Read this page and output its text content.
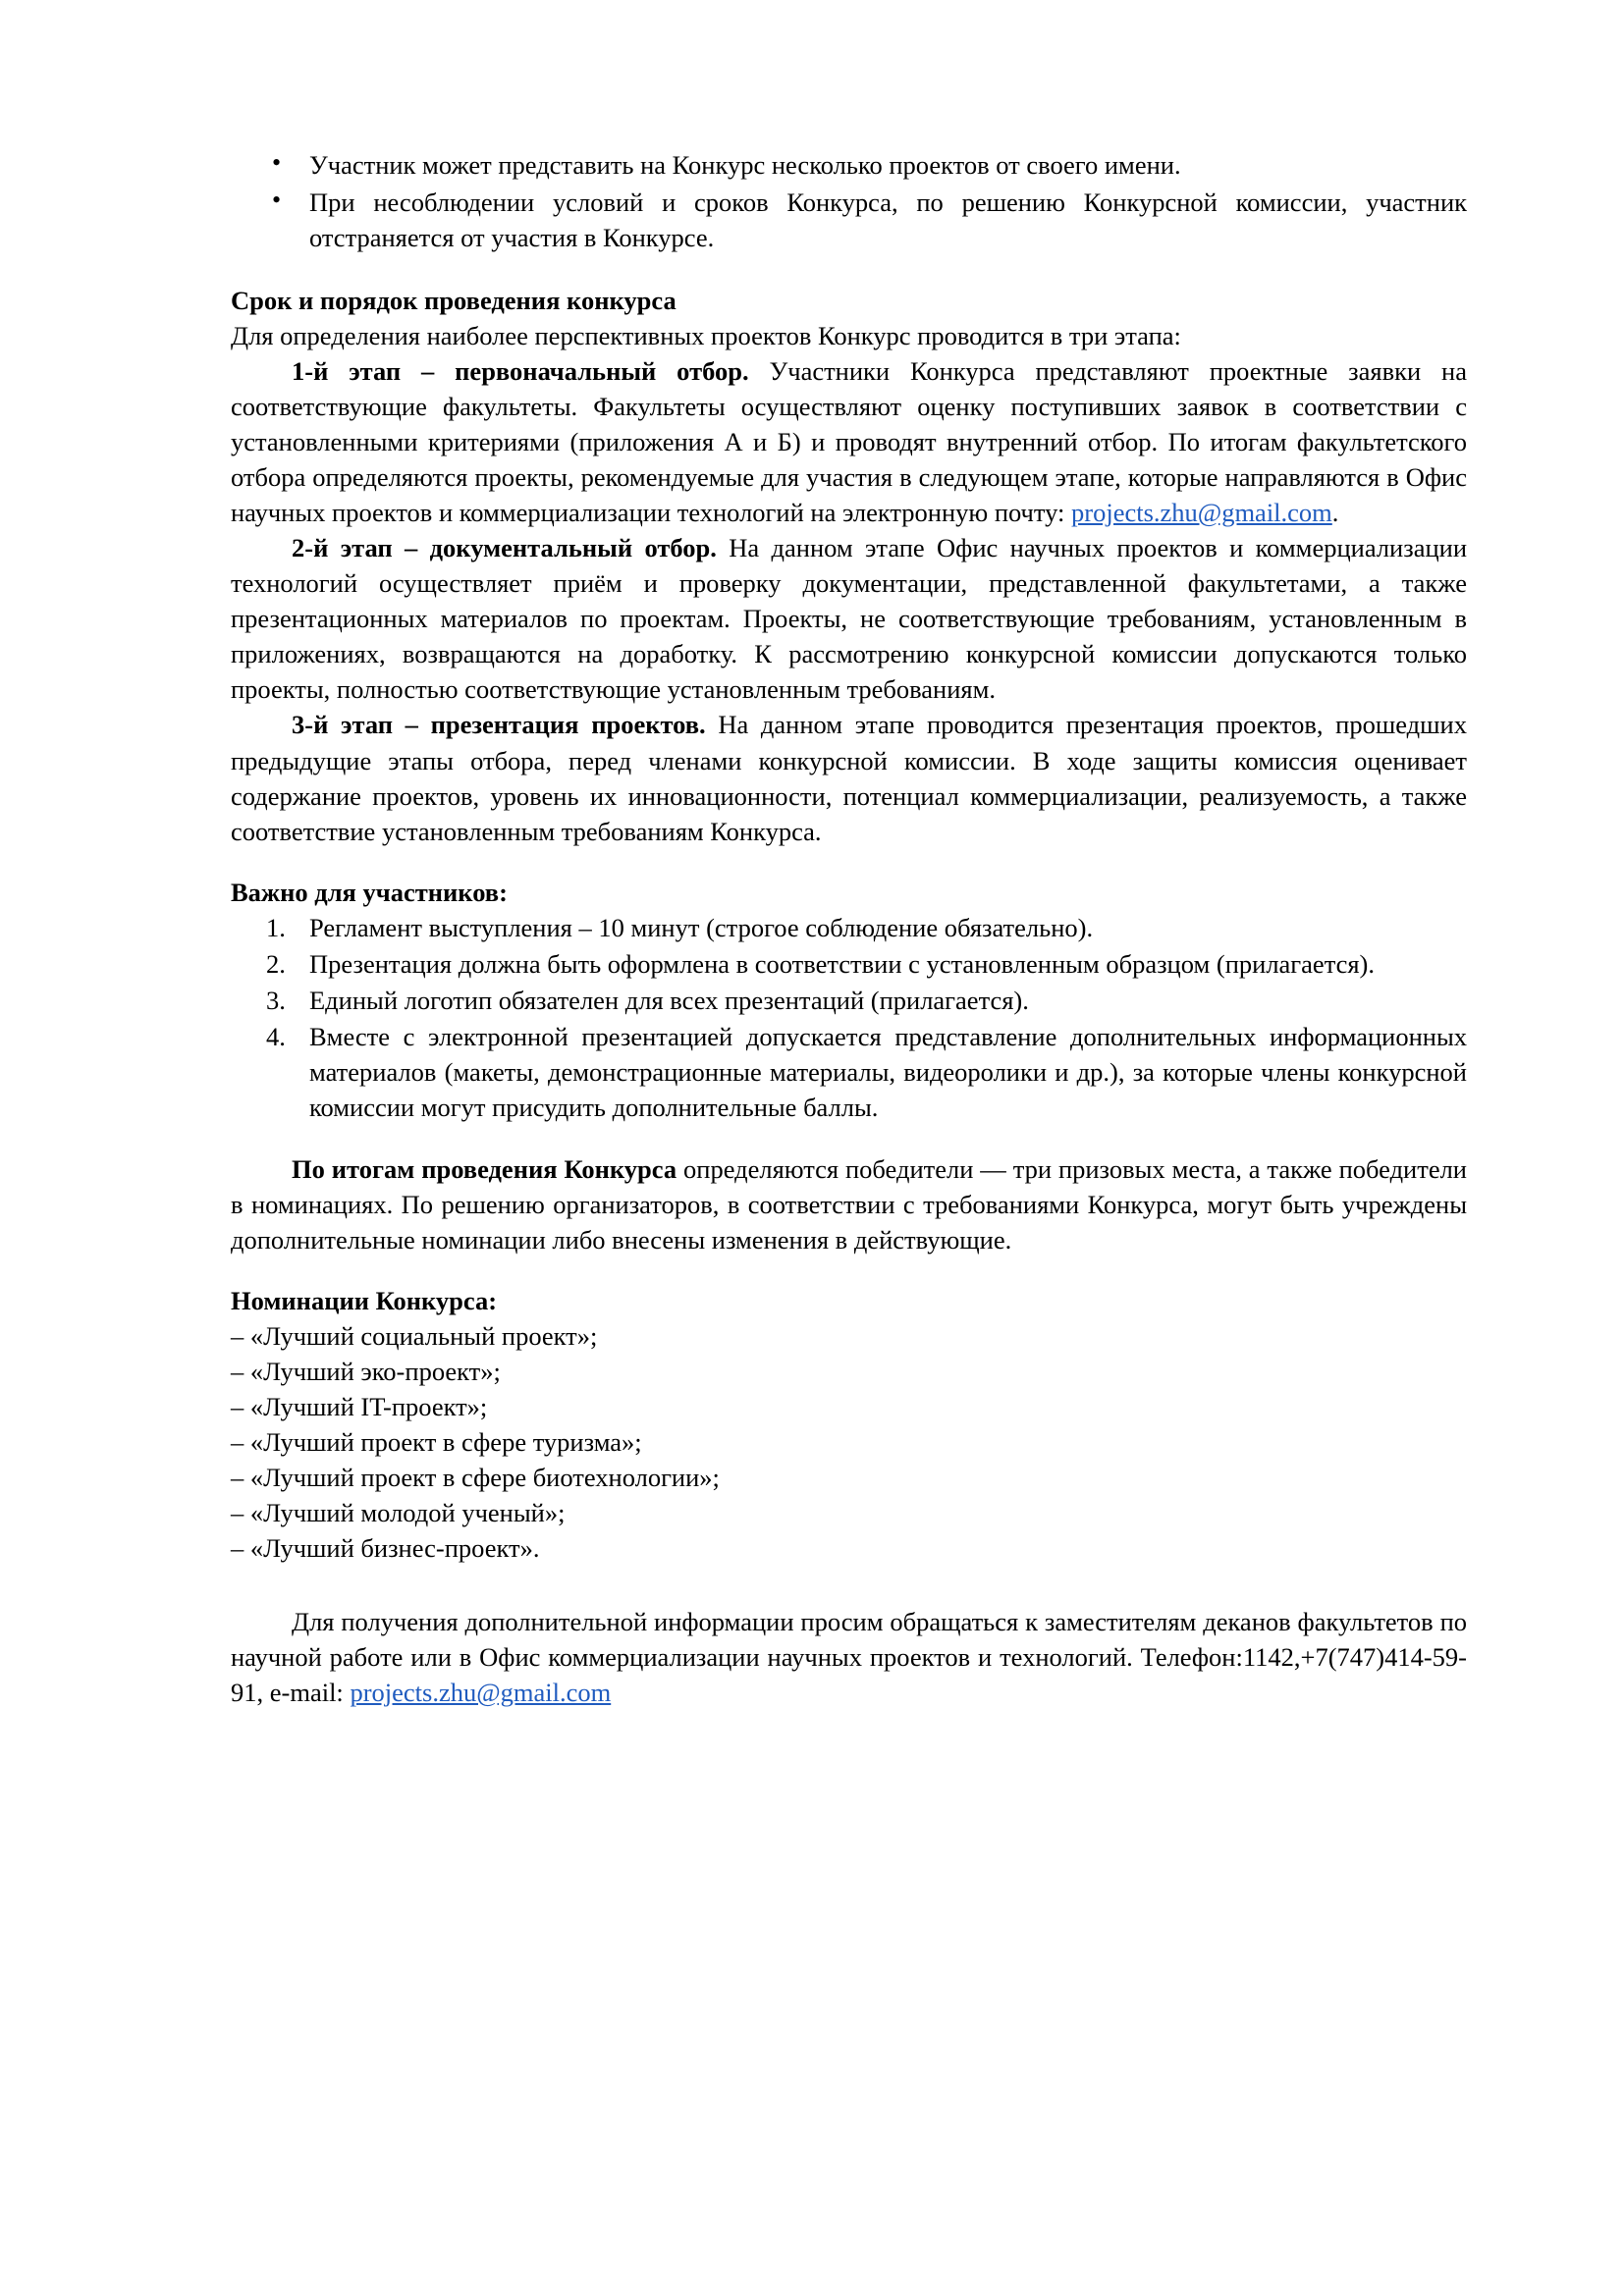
• Участник может представить на Конкурс несколько проектов от своего имени.
• При несоблюдении условий и сроков Конкурса, по решению Конкурсной комиссии, участник отстраняется от участия в Конкурсе.
Срок и порядок проведения конкурса

Для определения наиболее перспективных проектов Конкурс проводится в три этапа:

1-й этап – первоначальный отбор. Участники Конкурса представляют проектные заявки на соответствующие факультеты. Факультеты осуществляют оценку поступивших заявок в соответствии с установленными критериями (приложения А и Б) и проводят внутренний отбор. По итогам факультетского отбора определяются проекты, рекомендуемые для участия в следующем этапе, которые направляются в Офис научных проектов и коммерциализации технологий на электронную почту: projects.zhu@gmail.com.

2-й этап – документальный отбор. На данном этапе Офис научных проектов и коммерциализации технологий осуществляет приём и проверку документации, представленной факультетами, а также презентационных материалов по проектам. Проекты, не соответствующие требованиям, установленным в приложениях, возвращаются на доработку. К рассмотрению конкурсной комиссии допускаются только проекты, полностью соответствующие установленным требованиям.

3-й этап – презентация проектов. На данном этапе проводится презентация проектов, прошедших предыдущие этапы отбора, перед членами конкурсной комиссии. В ходе защиты комиссия оценивает содержание проектов, уровень их инновационности, потенциал коммерциализации, реализуемость, а также соответствие установленным требованиям Конкурса.

Важно для участников:
Регламент выступления – 10 минут (строгое соблюдение обязательно).
Презентация должна быть оформлена в соответствии с установленным образцом (прилагается).
Единый логотип обязателен для всех презентаций (прилагается).
Вместе с электронной презентацией допускается представление дополнительных информационных материалов (макеты, демонстрационные материалы, видеоролики и др.), за которые члены конкурсной комиссии могут присудить дополнительные баллы.

По итогам проведения Конкурса определяются победители — три призовых места, а также победители в номинациях. По решению организаторов, в соответствии с требованиями Конкурса, могут быть учреждены дополнительные номинации либо внесены изменения в действующие.

Номинации Конкурса:

– «Лучший социальный проект»;

– «Лучший эко-проект»;

– «Лучший IT-проект»;

– «Лучший проект в сфере туризма»;

– «Лучший проект в сфере биотехнологии»;

– «Лучший молодой ученый»;

– «Лучший бизнес-проект».

Для получения дополнительной информации просим обращаться к заместителям деканов факультетов по научной работе или в Офис коммерциализации научных проектов и технологий. Телефон:1142,+7(747)414-59-91, e-mail: projects.zhu@gmail.com
